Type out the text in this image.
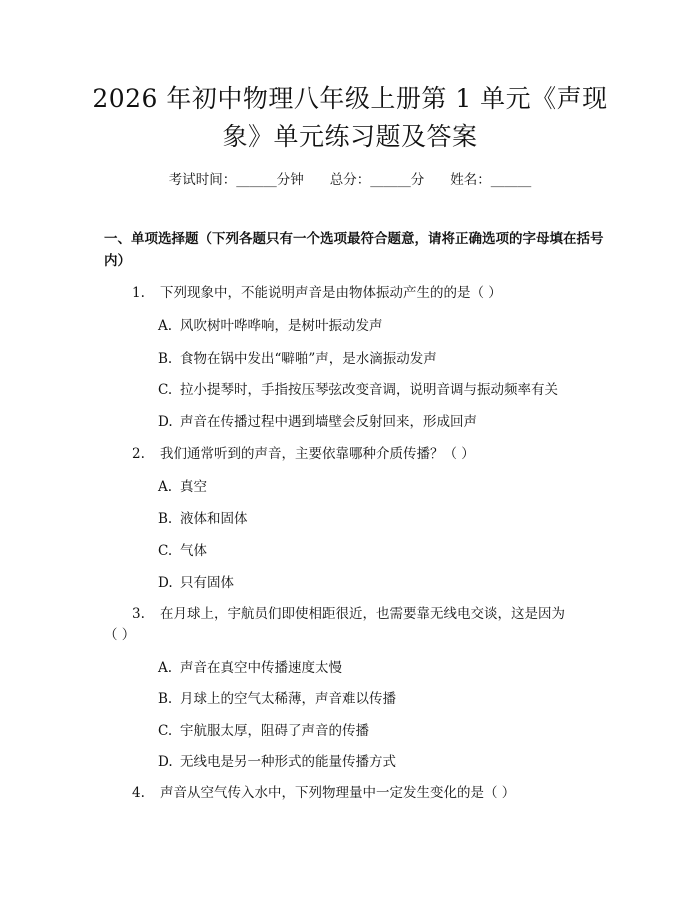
2026 年初中物理八年级上册第 1 单元《声现
象》单元练习题及答案
考试时间：______分钟 总分：______分 姓名：______
一、单项选择题（下列各题只有一个选项最符合题意，请将正确选项的字母填在括号内）
1. 下列现象中，不能说明声音是由物体振动产生的的是（ ）
A. 风吹树叶哗哗响，是树叶振动发声
B. 食物在锅中发出“噼啪”声，是水滴振动发声
C. 拉小提琴时，手指按压琴弦改变音调，说明音调与振动频率有关
D. 声音在传播过程中遇到墙壁会反射回来，形成回声
2. 我们通常听到的声音，主要依靠哪种介质传播？（ ）
A. 真空
B. 液体和固体
C. 气体
D. 只有固体
3. 在月球上，宇航员们即使相距很近，也需要靠无线电交谈，这是因为
（ ）
A. 声音在真空中传播速度太慢
B. 月球上的空气太稀薄，声音难以传播
C. 宇航服太厚，阻碍了声音的传播
D. 无线电是另一种形式的能量传播方式
4. 声音从空气传入水中，下列物理量中一定发生变化的是（ ）
